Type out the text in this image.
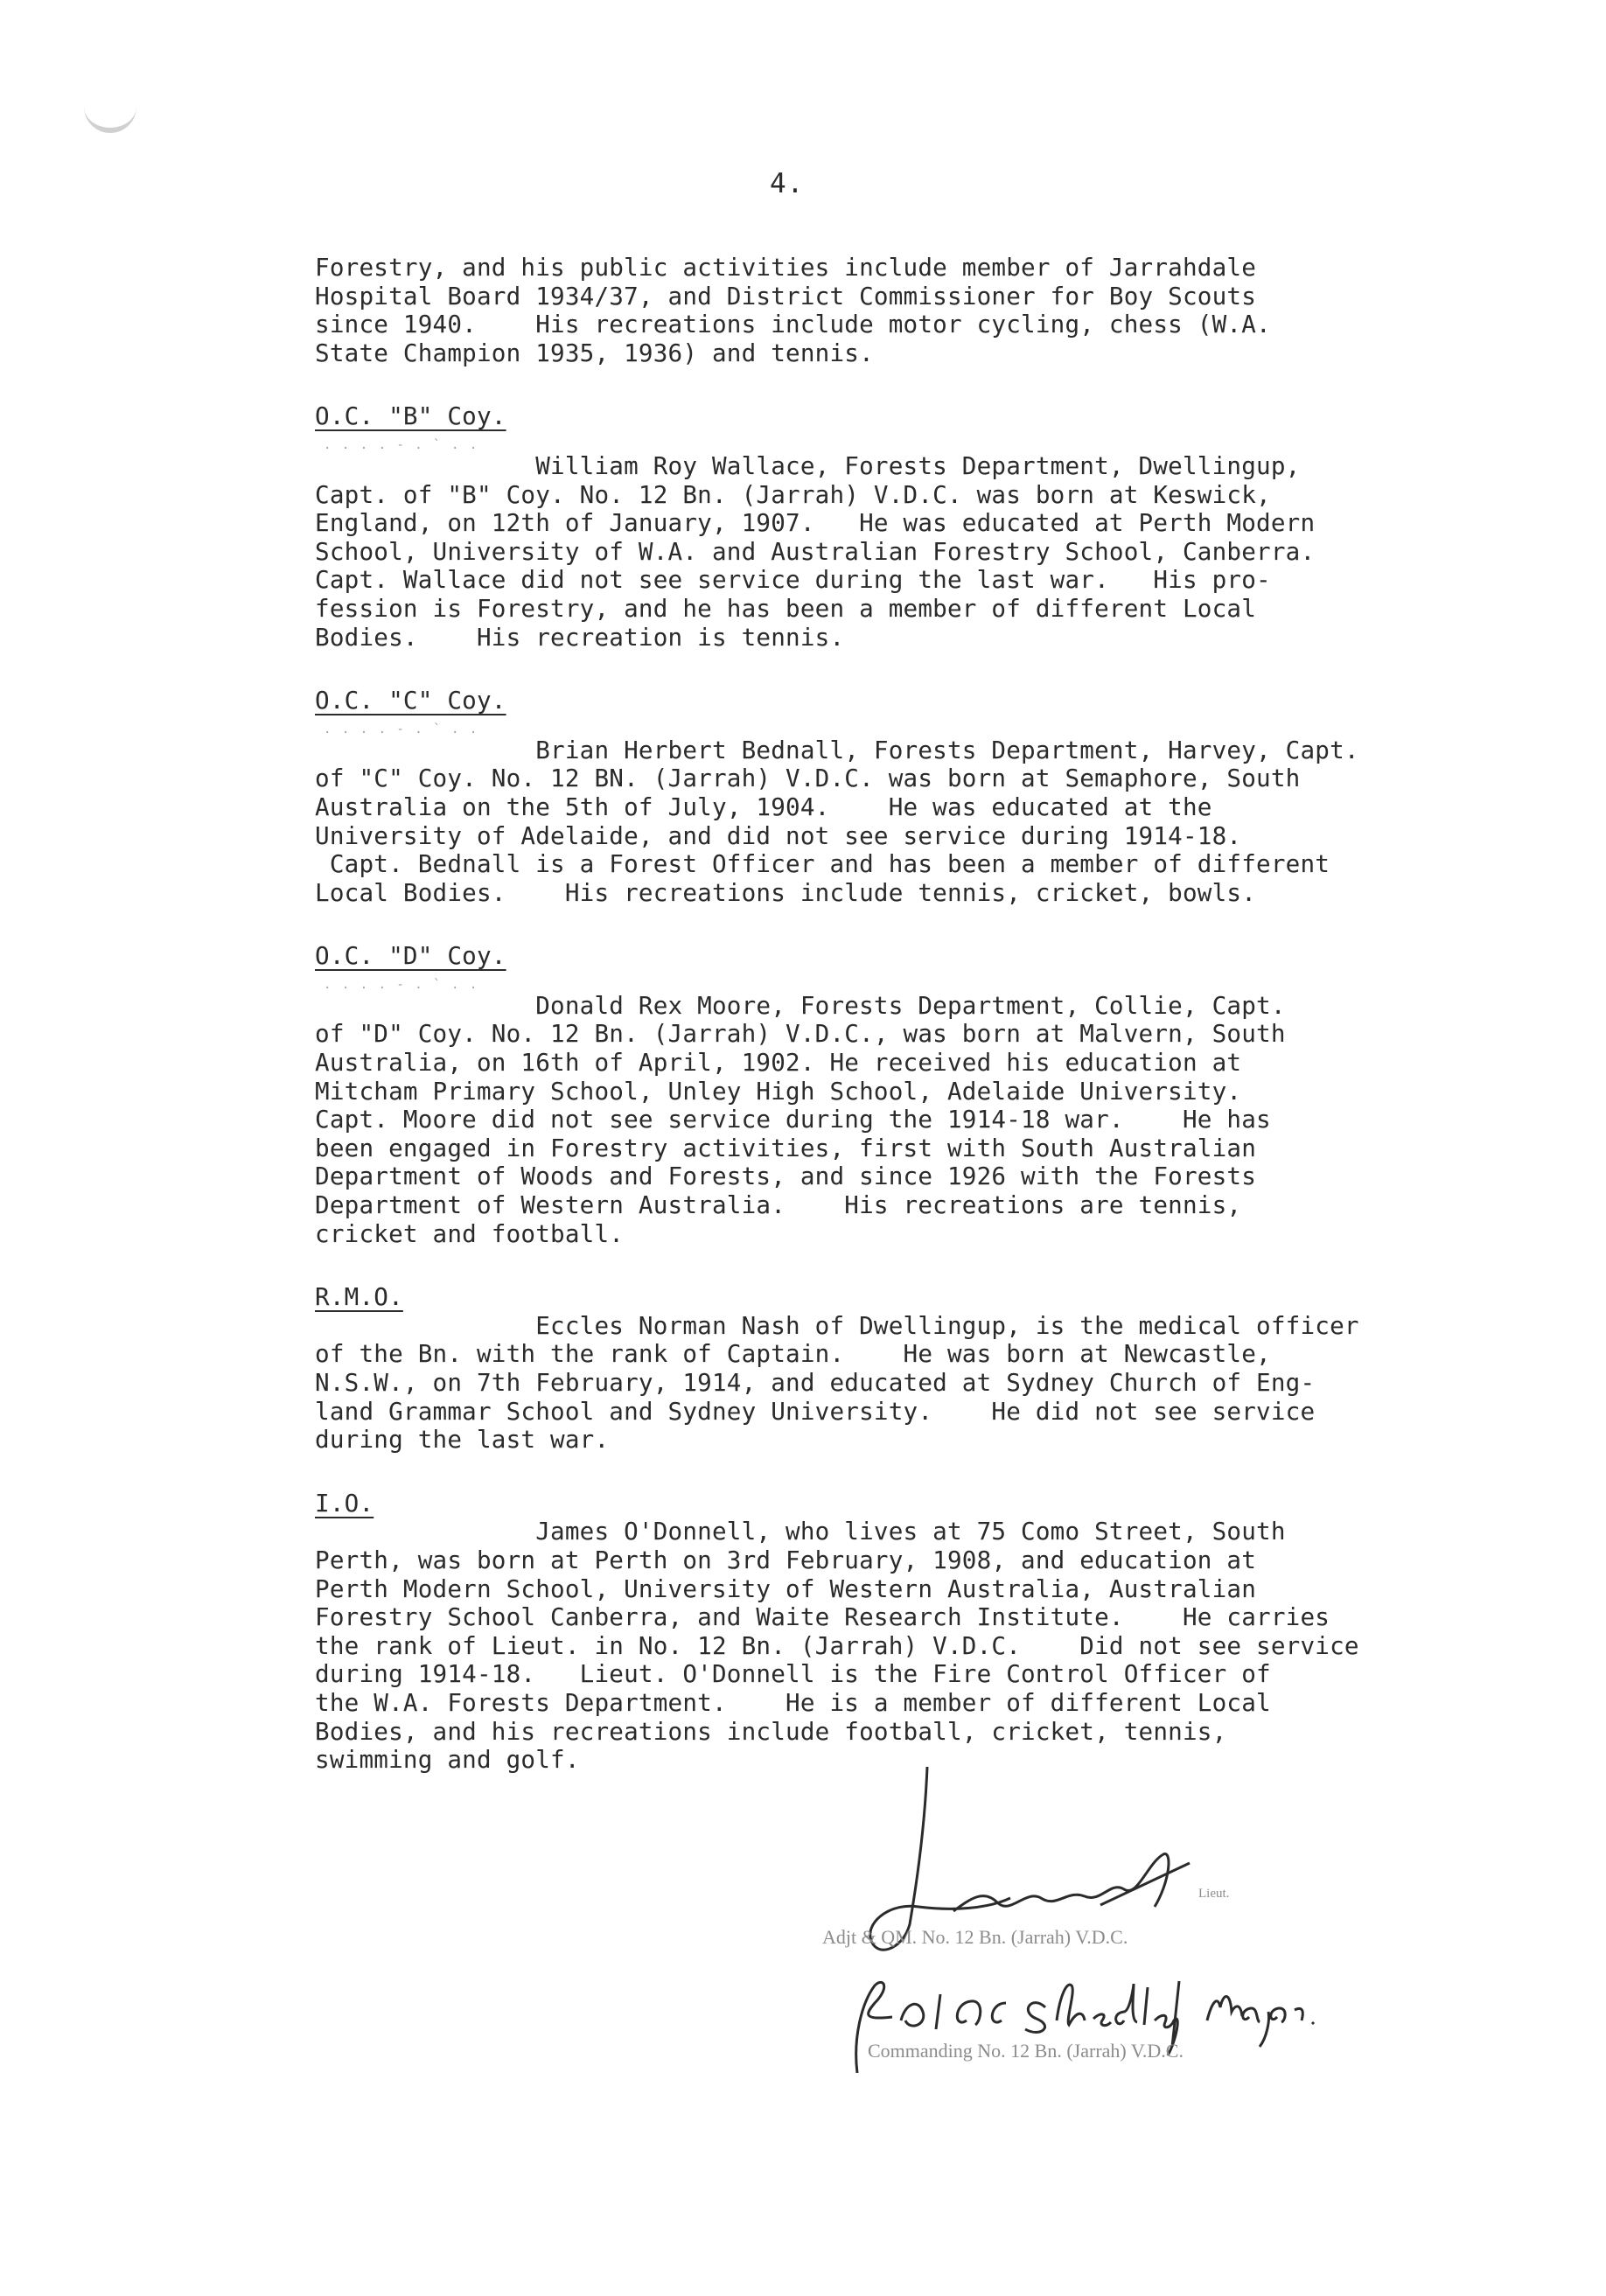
4.
Forestry, and his public activities include member of Jarrahdale
Hospital Board 1934/37, and District Commissioner for Boy Scouts
since 1940.    His recreations include motor cycling, chess (W.A.
State Champion 1935, 1936) and tennis.
O.C. "B" Coy.
. . . . - . ` . .
William Roy Wallace, Forests Department, Dwellingup,
Capt. of "B" Coy. No. 12 Bn. (Jarrah) V.D.C. was born at Keswick,
England, on 12th of January, 1907.   He was educated at Perth Modern
School, University of W.A. and Australian Forestry School, Canberra.
Capt. Wallace did not see service during the last war.   His pro-
fession is Forestry, and he has been a member of different Local
Bodies.    His recreation is tennis.
O.C. "C" Coy.
. . . . - . ` . .
Brian Herbert Bednall, Forests Department, Harvey, Capt.
of "C" Coy. No. 12 BN. (Jarrah) V.D.C. was born at Semaphore, South
Australia on the 5th of July, 1904.    He was educated at the
University of Adelaide, and did not see service during 1914-18.
Capt. Bednall is a Forest Officer and has been a member of different
Local Bodies.    His recreations include tennis, cricket, bowls.
O.C. "D" Coy.
. . . . - . ` . .
Donald Rex Moore, Forests Department, Collie, Capt.
of "D" Coy. No. 12 Bn. (Jarrah) V.D.C., was born at Malvern, South
Australia, on 16th of April, 1902. He received his education at
Mitcham Primary School, Unley High School, Adelaide University.
Capt. Moore did not see service during the 1914-18 war.    He has
been engaged in Forestry activities, first with South Australian
Department of Woods and Forests, and since 1926 with the Forests
Department of Western Australia.    His recreations are tennis,
cricket and football.
R.M.O.
Eccles Norman Nash of Dwellingup, is the medical officer
of the Bn. with the rank of Captain.    He was born at Newcastle,
N.S.W., on 7th February, 1914, and educated at Sydney Church of Eng-
land Grammar School and Sydney University.    He did not see service
during the last war.
I.O.
James O'Donnell, who lives at 75 Como Street, South
Perth, was born at Perth on 3rd February, 1908, and education at
Perth Modern School, University of Western Australia, Australian
Forestry School Canberra, and Waite Research Institute.    He carries
the rank of Lieut. in No. 12 Bn. (Jarrah) V.D.C.    Did not see service
during 1914-18.   Lieut. O'Donnell is the Fire Control Officer of
the W.A. Forests Department.    He is a member of different Local
Bodies, and his recreations include football, cricket, tennis,
swimming and golf.
Lieut.
Adjt & QM. No. 12 Bn. (Jarrah) V.D.C.
Commanding No. 12 Bn. (Jarrah) V.D.C.
